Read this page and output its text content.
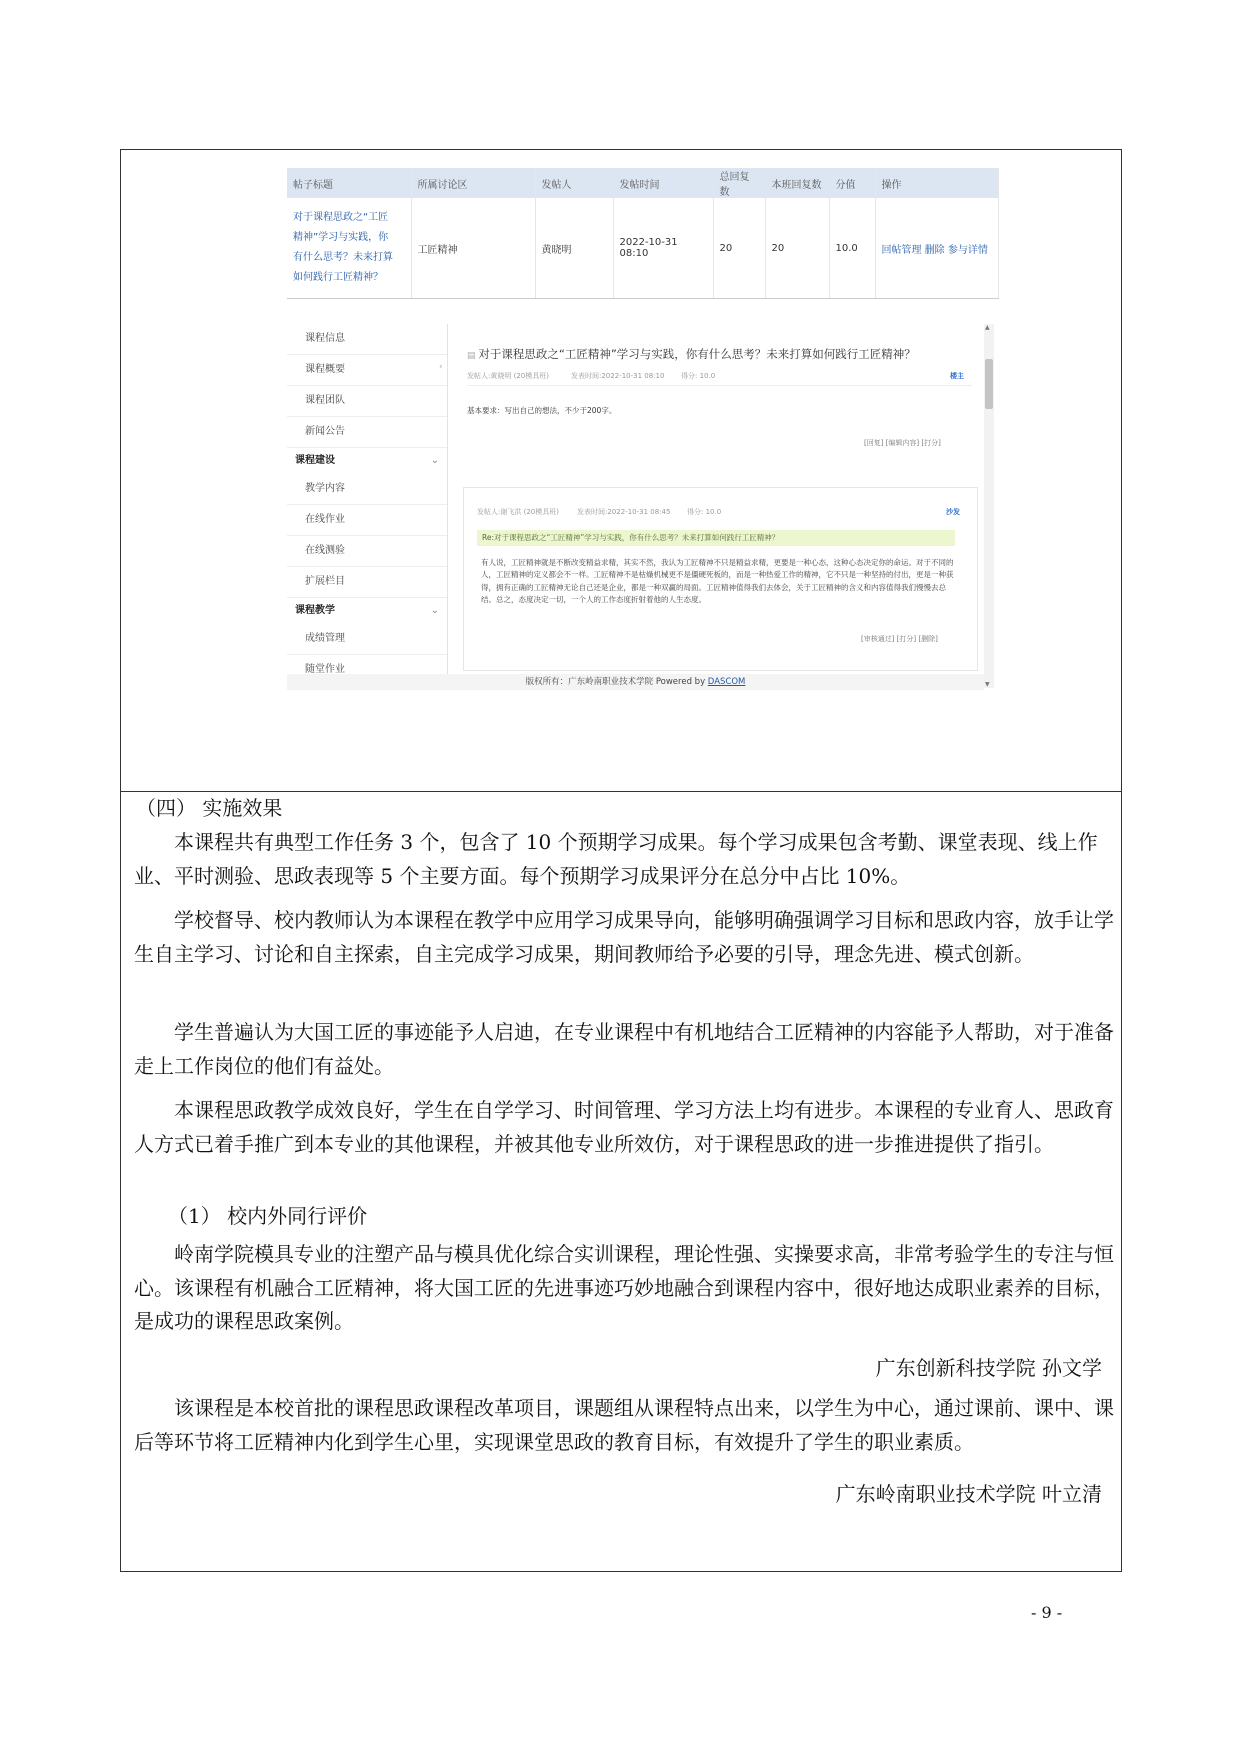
帖子标题	所属讨论区	发帖人	发帖时间	总回复数	本班回复数	分值	操作

对于课程思政之“工匠
精神”学习与实践，你
有什么思考？未来打算
如何践行工匠精神？	工匠精神	黄晓明	2022-10-31 08:10	20	20	10.0	回帖管理 删除 参与详情
课程信息
课程概要
课程团队
新闻公告
课程建设	⌄
教学内容
在线作业
在线测验
扩展栏目
课程教学	⌄
成绩管理
随堂作业
‹
▤ 对于课程思政之“工匠精神”学习与实践，你有什么思考？未来打算如何践行工匠精神？
发帖人:黄晓明 (20模具班)	发表时间:2022-10-31 08:10 得分: 10.0	楼主
基本要求：写出自己的想法，不少于200字。
[回复] [编辑内容] [打分]
发帖人:谢飞洪 (20模具班)	发表时间:2022-10-31 08:45 得分: 10.0	沙发
Re:对于课程思政之“工匠精神”学习与实践，你有什么思考？未来打算如何践行工匠精神？
有人说，工匠精神就是不断改变精益求精，其实不然，我认为工匠精神不只是精益求精，更要是一种心态，这种心态决定你的命运。对于不同的人，工匠精神的定义都会不一样。工匠精神不是枯燥机械更不是僵硬死板的，而是一种热爱工作的精神，它不只是一种坚持的付出，更是一种获得，拥有正确的工匠精神无论自己还是企业，都是一种双赢的局面。工匠精神值得我们去体会，关于工匠精神的含义和内容值得我们慢慢去总结。总之，态度决定一切，一个人的工作态度折射着他的人生态度。
[审核通过] [打分] [删除]
▲
▼
版权所有：广东岭南职业技术学院 Powered by DASCOM
（四） 实施效果

本课程共有典型工作任务 3 个，包含了 10 个预期学习成果。每个学习成果包含考勤、课堂表现、线上作业、平时测验、思政表现等 5 个主要方面。每个预期学习成果评分在总分中占比 10%。

学校督导、校内教师认为本课程在教学中应用学习成果导向，能够明确强调学习目标和思政内容，放手让学生自主学习、讨论和自主探索，自主完成学习成果，期间教师给予必要的引导，理念先进、模式创新。

学生普遍认为大国工匠的事迹能予人启迪，在专业课程中有机地结合工匠精神的内容能予人帮助，对于准备走上工作岗位的他们有益处。

本课程思政教学成效良好，学生在自学学习、时间管理、学习方法上均有进步。本课程的专业育人、思政育人方式已着手推广到本专业的其他课程，并被其他专业所效仿，对于课程思政的进一步推进提供了指引。

（1） 校内外同行评价

岭南学院模具专业的注塑产品与模具优化综合实训课程，理论性强、实操要求高，非常考验学生的专注与恒心。该课程有机融合工匠精神，将大国工匠的先进事迹巧妙地融合到课程内容中，很好地达成职业素养的目标，是成功的课程思政案例。

广东创新科技学院 孙文学

该课程是本校首批的课程思政课程改革项目，课题组从课程特点出来，以学生为中心，通过课前、课中、课后等环节将工匠精神内化到学生心里，实现课堂思政的教育目标，有效提升了学生的职业素质。

广东岭南职业技术学院 叶立清
- 9 -
